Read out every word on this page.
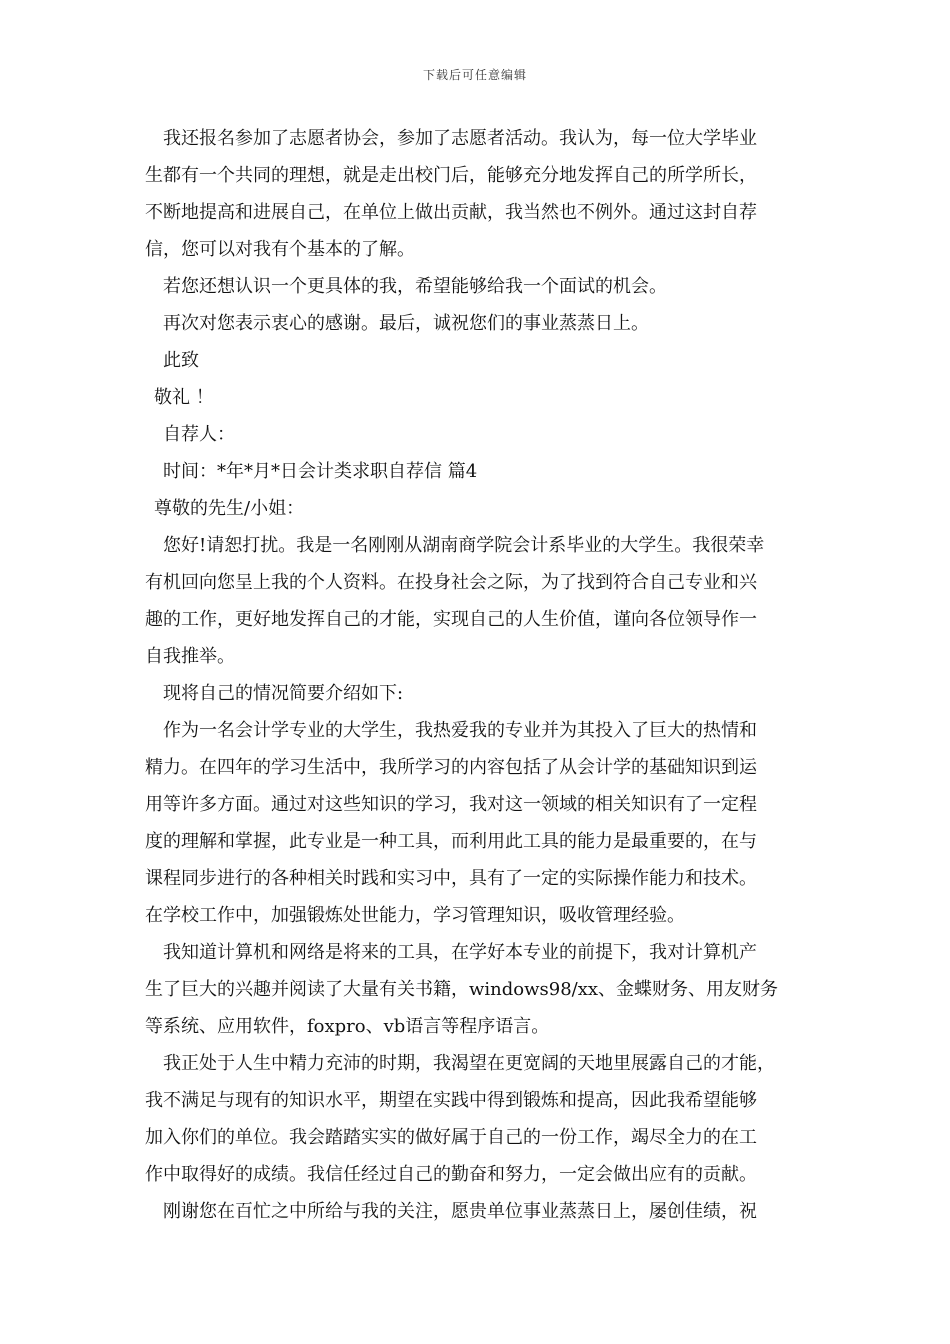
下载后可任意编辑
我还报名参加了志愿者协会，参加了志愿者活动。我认为，每一位大学毕业
生都有一个共同的理想，就是走出校门后，能够充分地发挥自己的所学所长，
不断地提高和进展自己，在单位上做出贡献，我当然也不例外。通过这封自荐
信，您可以对我有个基本的了解。
若您还想认识一个更具体的我，希望能够给我一个面试的机会。
再次对您表示衷心的感谢。最后，诚祝您们的事业蒸蒸日上。
此致
敬礼 ！
自荐人：
时间：*年*月*日会计类求职自荐信 篇4
尊敬的先生/小姐：
您好!请恕打扰。我是一名刚刚从湖南商学院会计系毕业的大学生。我很荣幸
有机回向您呈上我的个人资料。在投身社会之际，为了找到符合自己专业和兴
趣的工作，更好地发挥自己的才能，实现自己的人生价值，谨向各位领导作一
自我推举。
现将自己的情况简要介绍如下:
作为一名会计学专业的大学生，我热爱我的专业并为其投入了巨大的热情和
精力。在四年的学习生活中，我所学习的内容包括了从会计学的基础知识到运
用等许多方面。通过对这些知识的学习，我对这一领域的相关知识有了一定程
度的理解和掌握，此专业是一种工具，而利用此工具的能力是最重要的，在与
课程同步进行的各种相关时践和实习中，具有了一定的实际操作能力和技术。
在学校工作中，加强锻炼处世能力，学习管理知识，吸收管理经验。
我知道计算机和网络是将来的工具，在学好本专业的前提下，我对计算机产
生了巨大的兴趣并阅读了大量有关书籍，windows98/xx、金蝶财务、用友财务
等系统、应用软件，foxpro、vb语言等程序语言。
我正处于人生中精力充沛的时期，我渴望在更宽阔的天地里展露自己的才能，
我不满足与现有的知识水平，期望在实践中得到锻炼和提高，因此我希望能够
加入你们的单位。我会踏踏实实的做好属于自己的一份工作，竭尽全力的在工
作中取得好的成绩。我信任经过自己的勤奋和努力，一定会做出应有的贡献。
刚谢您在百忙之中所给与我的关注，愿贵单位事业蒸蒸日上，屡创佳绩，祝
